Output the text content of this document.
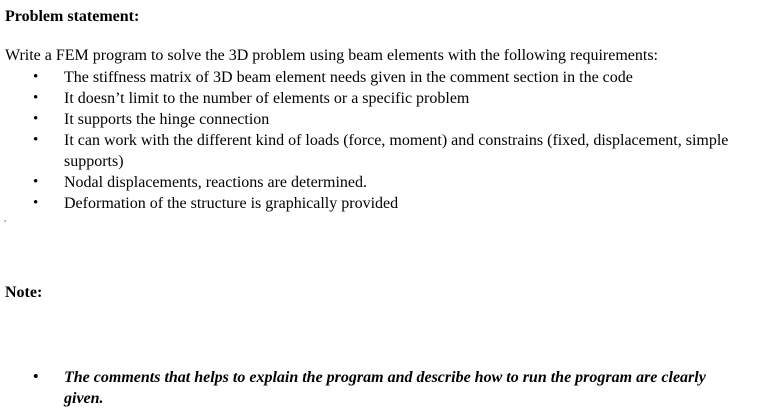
Problem statement:
Write a FEM program to solve the 3D problem using beam elements with the following requirements:
• The stiffness matrix of 3D beam element needs given in the comment section in the code
• It doesn’t limit to the number of elements or a specific problem
• It supports the hinge connection
• It can work with the different kind of loads (force, moment) and constrains (fixed, displacement, simple supports)
• Nodal displacements, reactions are determined.
• Deformation of the structure is graphically provided
,
Note:
• The comments that helps to explain the program and describe how to run the program are clearly given.
